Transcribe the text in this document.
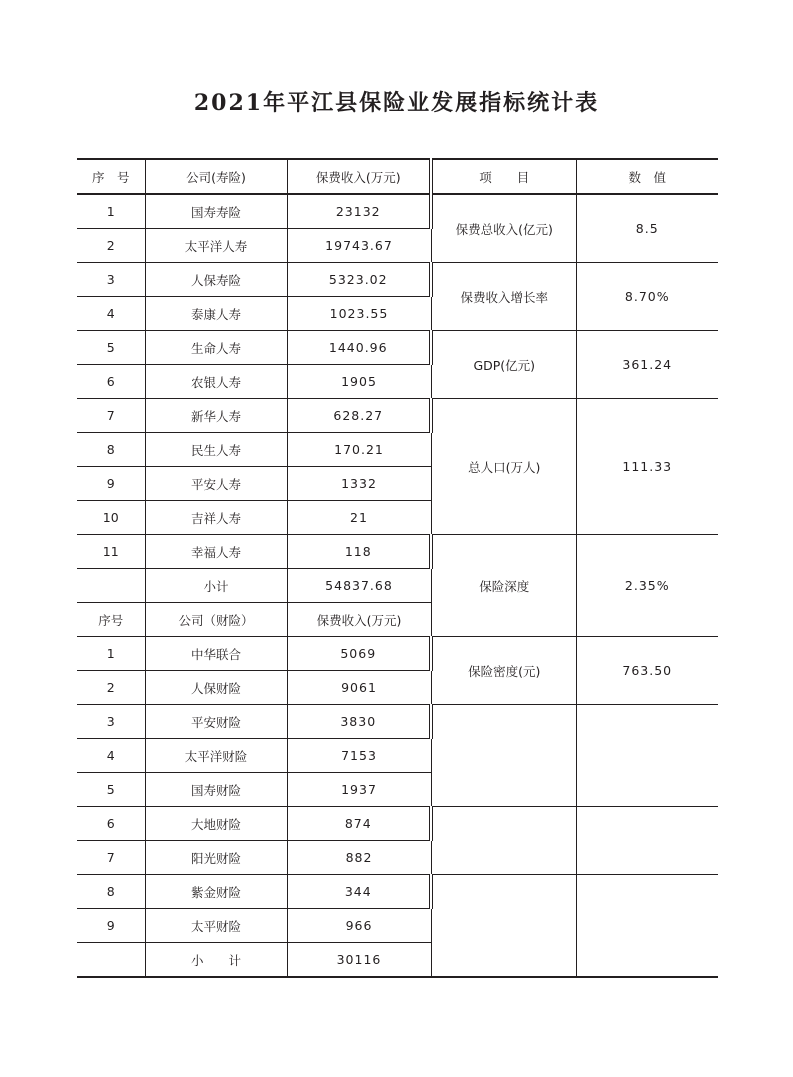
2021年平江县保险业发展指标统计表
序　号	公司(寿险)	保费收入(万元)	项　　目	数　值
1	国寿寿险	23132	保费总收入(亿元)	8.5
2	太平洋人寿	19743.67		
3	人保寿险	5323.02	保费收入增长率	8.70%
4	泰康人寿	1023.55		
5	生命人寿	1440.96	GDP(亿元)	361.24
6	农银人寿	1905		
7	新华人寿	628.27	总人口(万人)	111.33
8	民生人寿	170.21		
9	平安人寿	1332		
10	吉祥人寿	21		
11	幸福人寿	118	保险深度	2.35%
	小计	54837.68		
序号	公司（财险）	保费收入(万元)		
1	中华联合	5069	保险密度(元)	763.50
2	人保财险	9061		
3	平安财险	3830		
4	太平洋财险	7153		
5	国寿财险	1937		
6	大地财险	874		
7	阳光财险	882		
8	紫金财险	344		
9	太平财险	966		
	小　　计	30116		
